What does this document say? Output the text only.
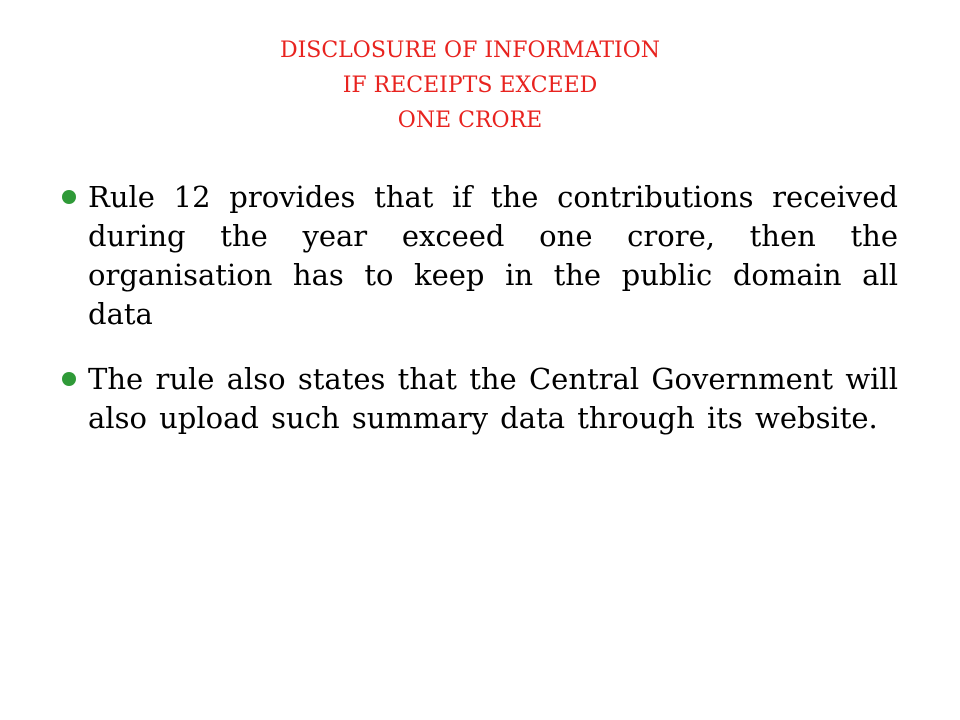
DISCLOSURE OF INFORMATION
IF RECEIPTS EXCEED
ONE CRORE
Rule 12 provides that if the contributions received during the year exceed one crore, then the organisation has to keep in the public domain all data
The rule also states that the Central Government will also upload such summary data through its website.
